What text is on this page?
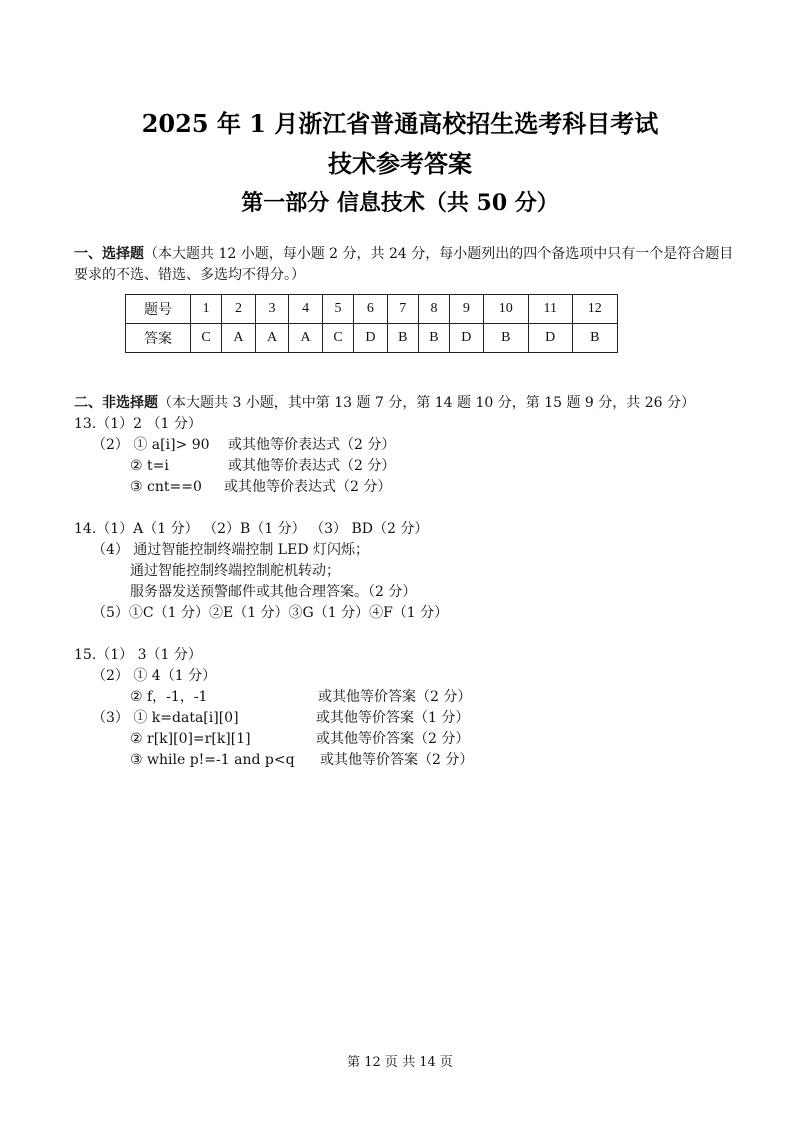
2025 年 1 月浙江省普通高校招生选考科目考试
技术参考答案
第一部分 信息技术（共 50 分）
一、选择题（本大题共 12 小题，每小题 2 分，共 24 分，每小题列出的四个备选项中只有一个是符合题目
要求的不选、错选、多选均不得分。）
题号	1	2	3	4	5	6	7	8	9	10	11	12
答案	C	A	A	A	C	D	B	B	D	B	D	B
二、非选择题（本大题共 3 小题，其中第 13 题 7 分，第 14 题 10 分，第 15 题 9 分，共 26 分）
13.（1）2 （1 分）
（2） ① a[i]> 90 或其他等价表达式（2 分）
② t=i	或其他等价表达式（2 分）
③ cnt==0 或其他等价表达式（2 分）
14.（1）A（1 分） （2）B（1 分） （3） BD（2 分）
（4） 通过智能控制终端控制 LED 灯闪烁；
通过智能控制终端控制舵机转动；
服务器发送预警邮件或其他合理答案。（2 分）
（5）①C（1 分）②E（1 分）③G（1 分）④F（1 分）
15.（1） 3（1 分）
（2） ① 4（1 分）
② f，-1，-1	或其他等价答案（2 分）
（3） ① k=data[i][0]	或其他等价答案（1 分）
② r[k][0]=r[k][1]	或其他等价答案（2 分）
③ while p!=-1 and p<q 或其他等价答案（2 分）
第 12 页 共 14 页
